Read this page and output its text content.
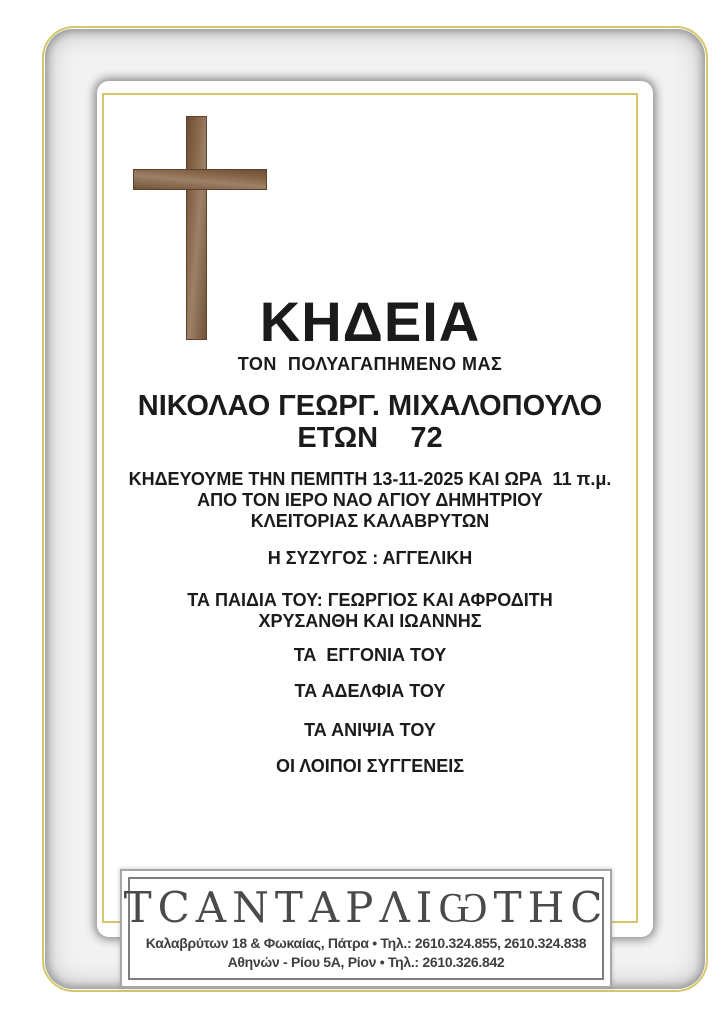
ΚΗΔΕΙΑ
ΤΟΝ  ΠΟΛΥΑΓΑΠΗΜΕΝΟ ΜΑΣ
ΝΙΚΟΛΑΟ ΓΕΩΡΓ. ΜΙΧΑΛΟΠΟΥΛΟ
ΕΤΩΝ    72
ΚΗΔΕΥΟΥΜΕ ΤΗΝ ΠΕΜΠΤΗ 13-11-2025 ΚΑΙ ΩΡΑ  11 π.μ.
ΑΠΟ ΤΟΝ ΙΕΡΟ ΝΑΟ ΑΓΙΟΥ ΔΗΜΗΤΡΙΟΥ
ΚΛΕΙΤΟΡΙΑΣ ΚΑΛΑΒΡΥΤΩΝ
Η ΣΥΖΥΓΟΣ : ΑΓΓΕΛΙΚΗ
ΤΑ ΠΑΙΔΙΑ ΤΟΥ: ΓΕΩΡΓΙΟΣ ΚΑΙ ΑΦΡΟΔΙΤΗ
ΧΡΥΣΑΝΘΗ ΚΑΙ ΙΩΑΝΝΗΣ
ΤΑ  ΕΓΓΟΝΙΑ ΤΟΥ
ΤΑ ΑΔΕΛΦΙΑ ΤΟΥ
ΤΑ ΑΝΙΨΙΑ ΤΟΥ
ΟΙ ΛΟΙΠΟΙ ΣΥΓΓΕΝΕΙΣ
ΤϹΑΝΤΑΡΛΙѠΤΗϹ
Καλαβρύτων 18 & Φωκαίας, Πάτρα • Τηλ.: 2610.324.855, 2610.324.838
Αθηνών - Ρίου 5Α, Ρίον • Τηλ.: 2610.326.842
